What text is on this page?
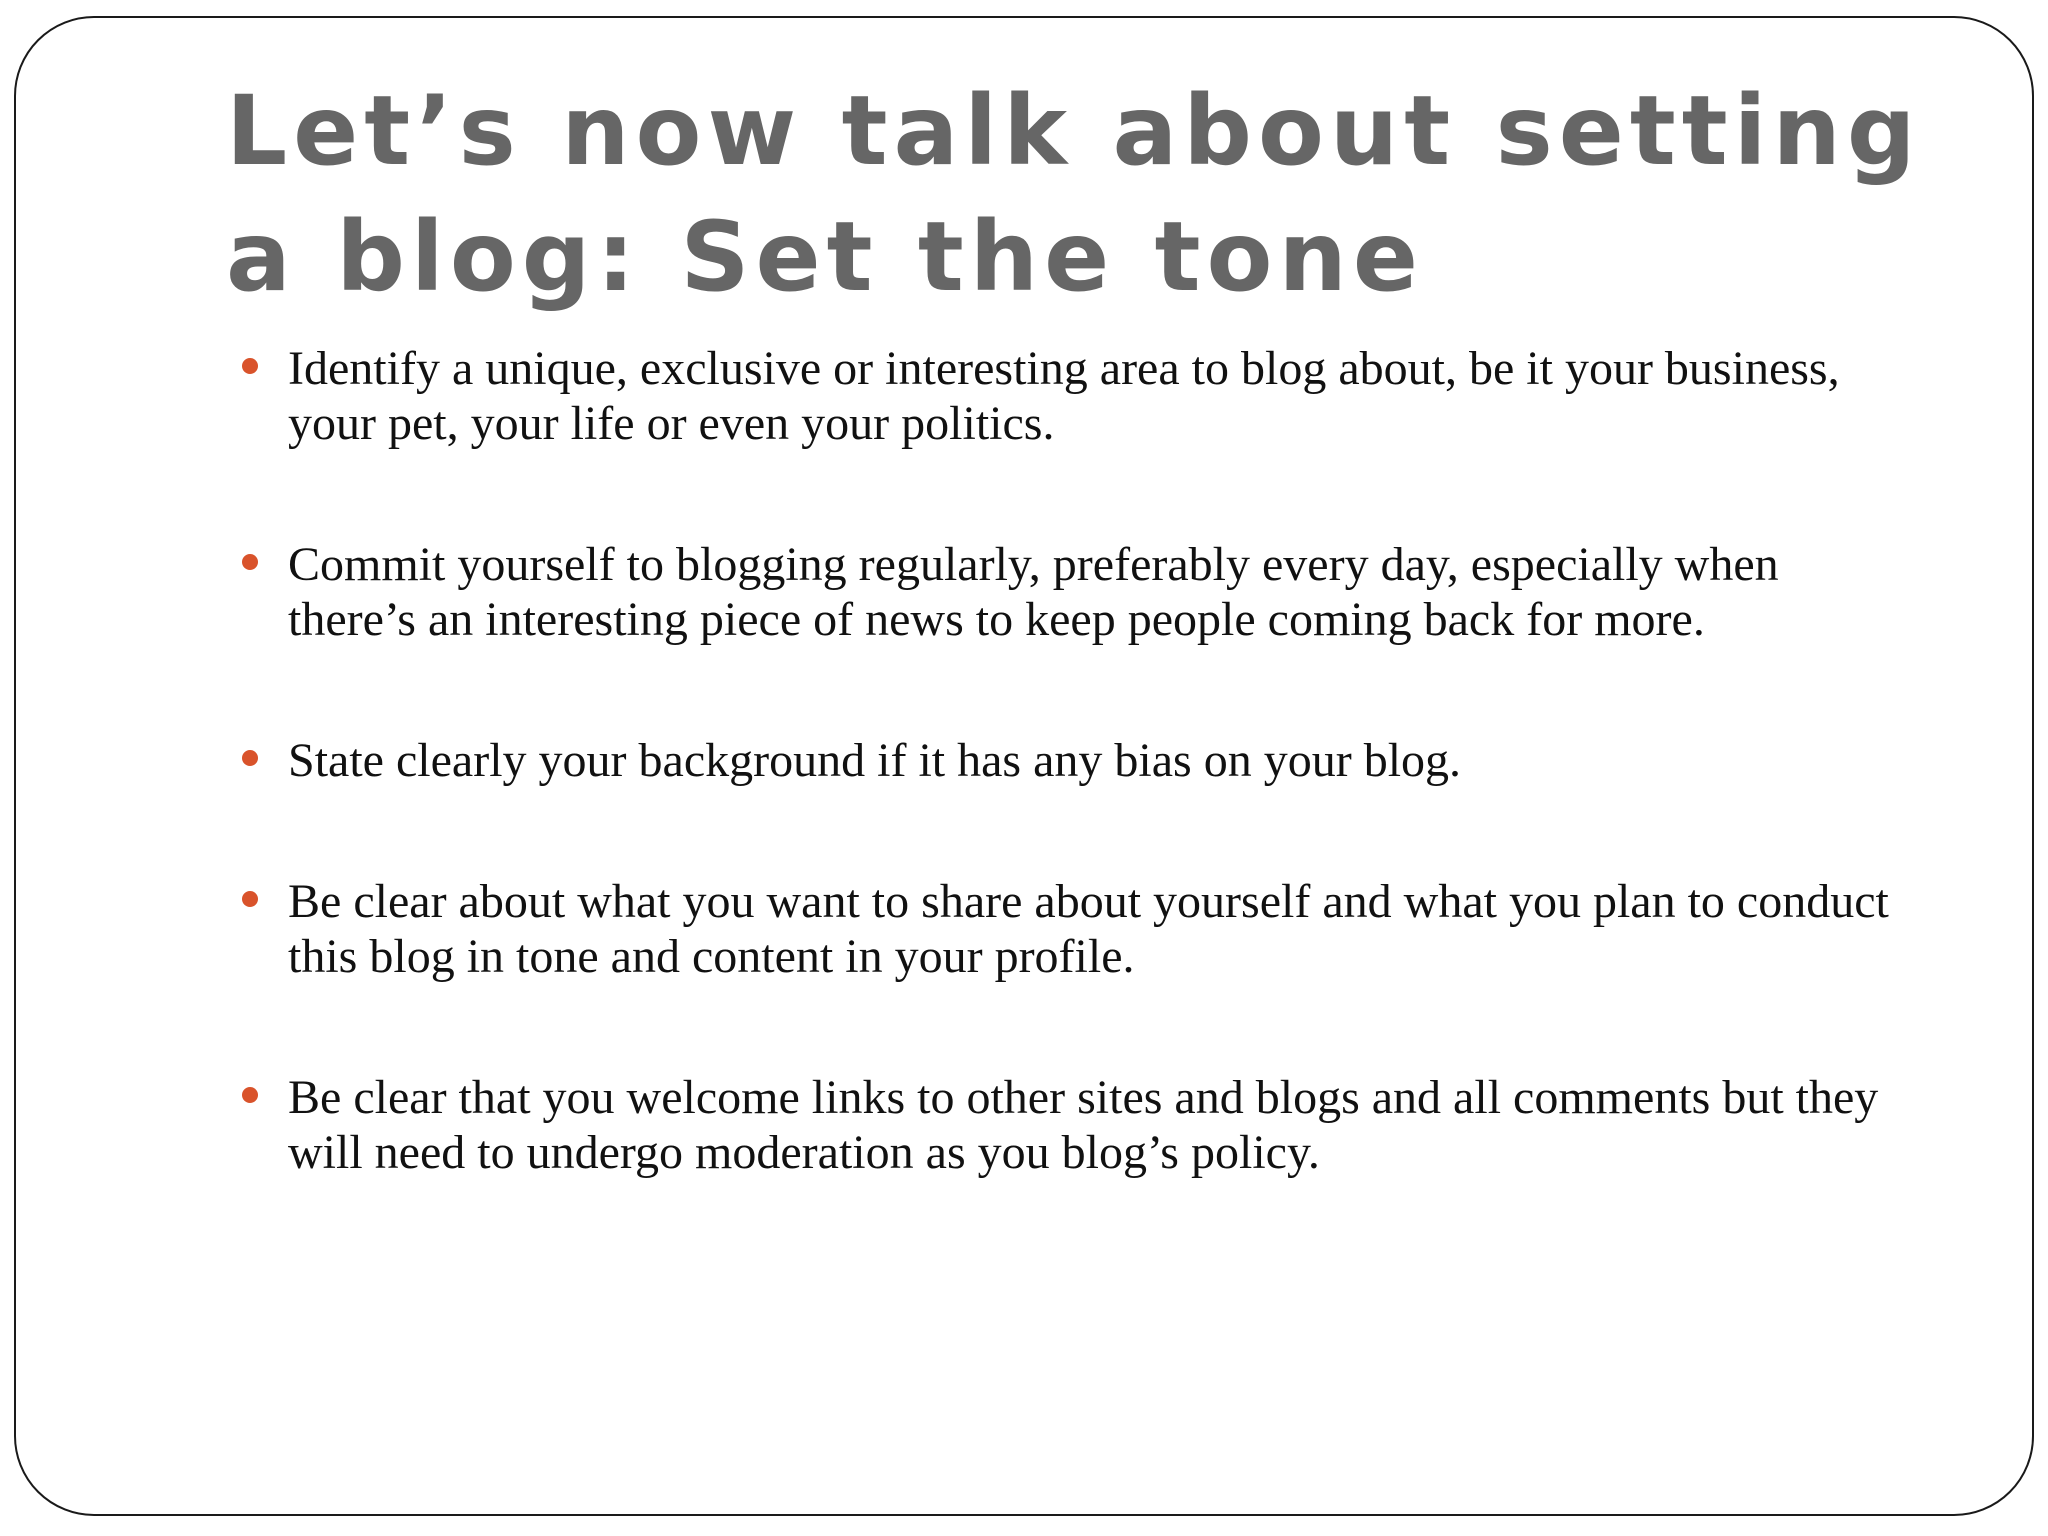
Let’s now talk about setting a blog: Set the tone
Identify a unique, exclusive or interesting area to blog about, be it your business, your pet, your life or even your politics.
Commit yourself to blogging regularly, preferably every day, especially when there’s an interesting piece of news to keep people coming back for more.
State clearly your background if it has any bias on your blog.
Be clear about what you want to share about yourself and what you plan to conduct this blog in tone and content in your profile.
Be clear that you welcome links to other sites and blogs and all comments but they will need to undergo moderation as you blog’s policy.
